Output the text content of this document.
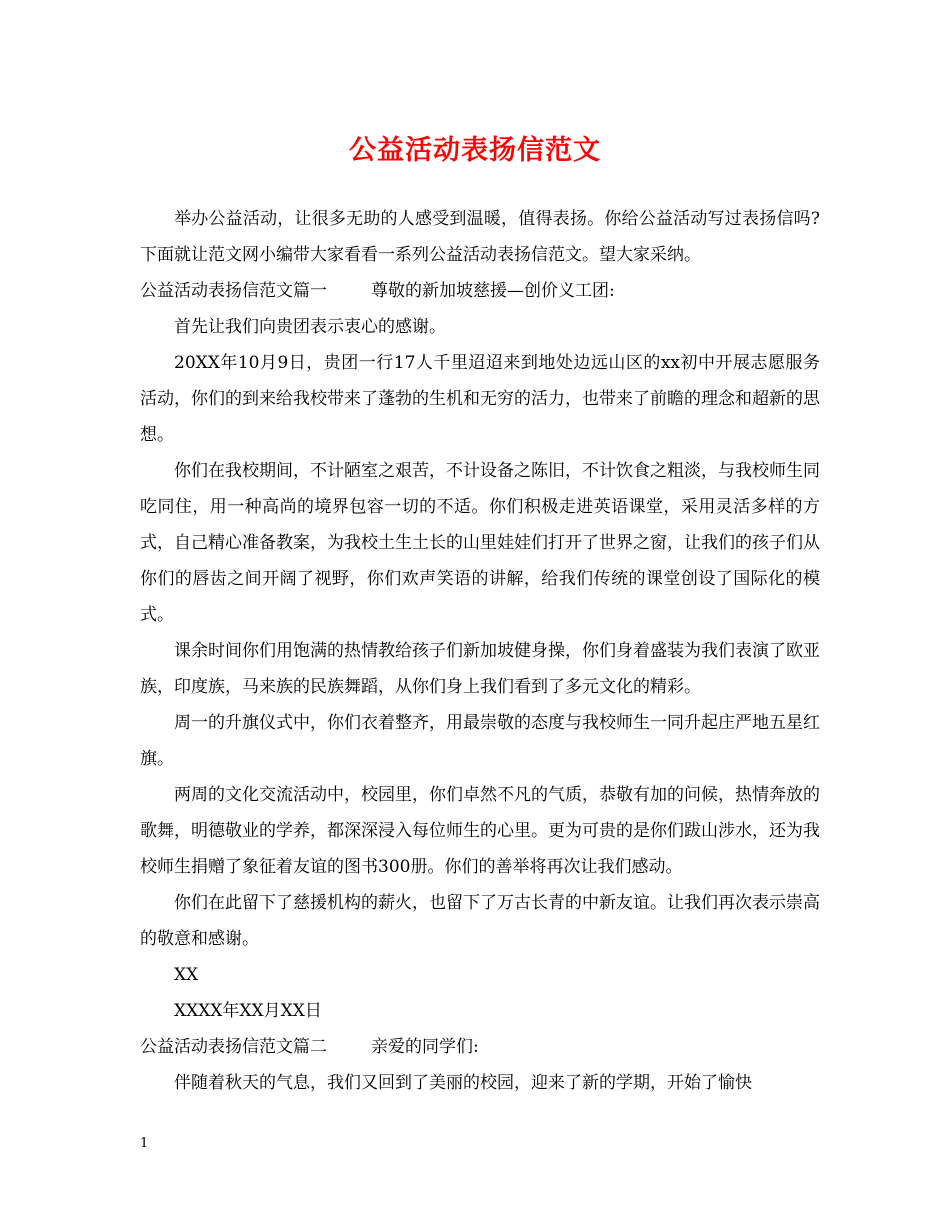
公益活动表扬信范文

举办公益活动，让很多无助的人感受到温暖，值得表扬。你给公益活动写过表扬信吗?下面就让范文网小编带大家看看一系列公益活动表扬信范文。望大家采纳。

公益活动表扬信范文篇一	尊敬的新加坡慈援—创价义工团:

首先让我们向贵团表示衷心的感谢。

20XX年10月9日，贵团一行17人千里迢迢来到地处边远山区的xx初中开展志愿服务活动，你们的到来给我校带来了蓬勃的生机和无穷的活力，也带来了前瞻的理念和超新的思想。

你们在我校期间，不计陋室之艰苦，不计设备之陈旧，不计饮食之粗淡，与我校师生同吃同住，用一种高尚的境界包容一切的不适。你们积极走进英语课堂，采用灵活多样的方式，自己精心准备教案，为我校土生土长的山里娃娃们打开了世界之窗，让我们的孩子们从你们的唇齿之间开阔了视野，你们欢声笑语的讲解，给我们传统的课堂创设了国际化的模式。

课余时间你们用饱满的热情教给孩子们新加坡健身操，你们身着盛装为我们表演了欧亚族，印度族，马来族的民族舞蹈，从你们身上我们看到了多元文化的精彩。

周一的升旗仪式中，你们衣着整齐，用最崇敬的态度与我校师生一同升起庄严地五星红旗。

两周的文化交流活动中，校园里，你们卓然不凡的气质，恭敬有加的问候，热情奔放的歌舞，明德敬业的学养，都深深浸入每位师生的心里。更为可贵的是你们跋山涉水，还为我校师生捐赠了象征着友谊的图书300册。你们的善举将再次让我们感动。

你们在此留下了慈援机构的薪火，也留下了万古长青的中新友谊。让我们再次表示崇高的敬意和感谢。

XX

XXXX年XX月XX日

公益活动表扬信范文篇二	亲爱的同学们:

伴随着秋天的气息，我们又回到了美丽的校园，迎来了新的学期，开始了愉快

1
